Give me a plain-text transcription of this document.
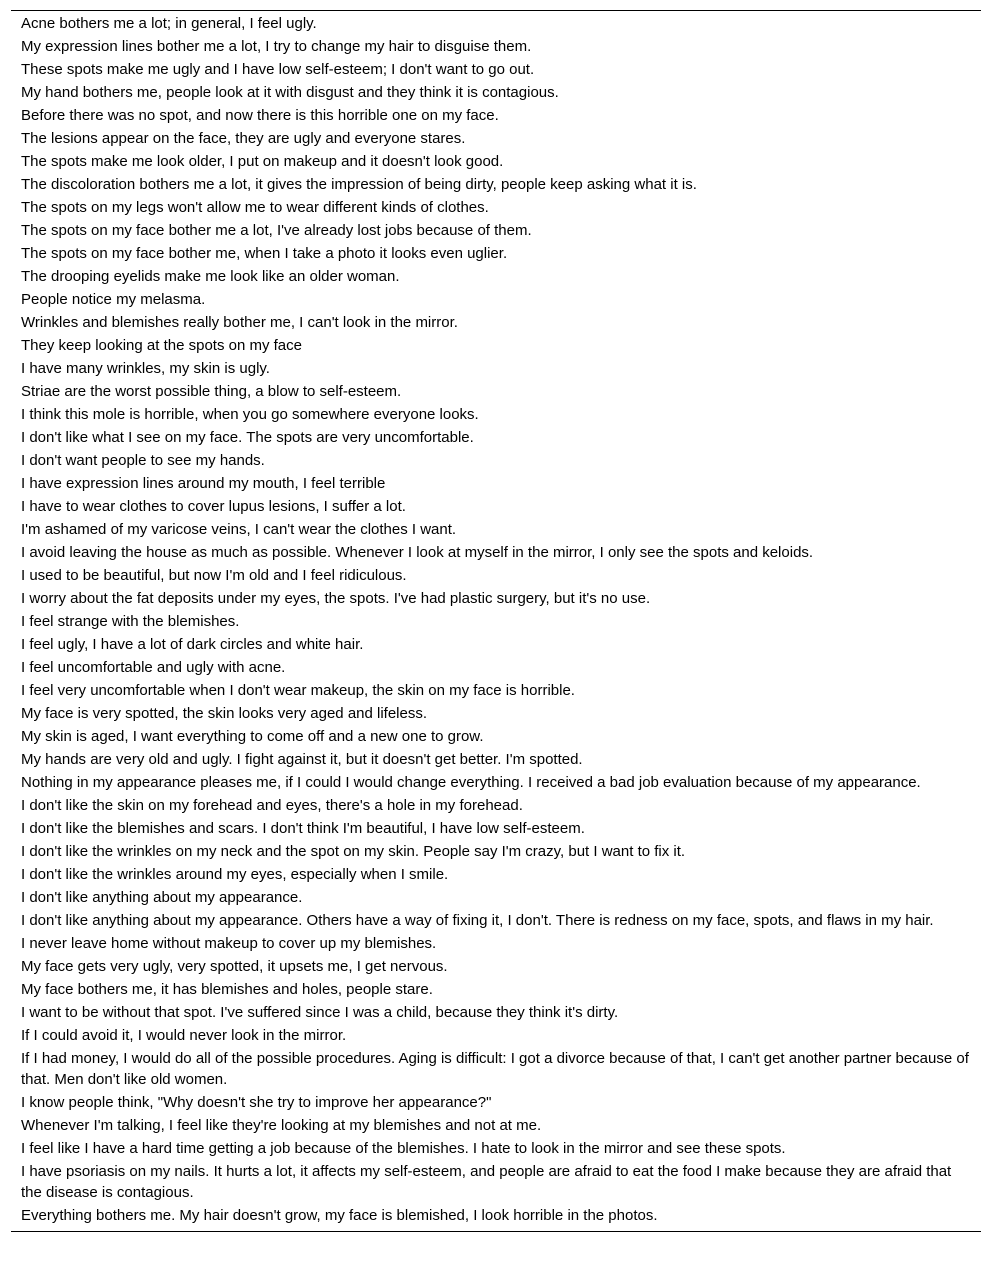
Acne bothers me a lot; in general, I feel ugly.
My expression lines bother me a lot, I try to change my hair to disguise them.
These spots make me ugly and I have low self-esteem; I don't want to go out.
My hand bothers me, people look at it with disgust and they think it is contagious.
Before there was no spot, and now there is this horrible one on my face.
The lesions appear on the face, they are ugly and everyone stares.
The spots make me look older, I put on makeup and it doesn't look good.
The discoloration bothers me a lot, it gives the impression of being dirty, people keep asking what it is.
The spots on my legs won't allow me to wear different kinds of clothes.
The spots on my face bother me a lot, I've already lost jobs because of them.
The spots on my face bother me, when I take a photo it looks even uglier.
The drooping eyelids make me look like an older woman.
People notice my melasma.
Wrinkles and blemishes really bother me, I can't look in the mirror.
They keep looking at the spots on my face
I have many wrinkles, my skin is ugly.
Striae are the worst possible thing, a blow to self-esteem.
I think this mole is horrible, when you go somewhere everyone looks.
I don't like what I see on my face. The spots are very uncomfortable.
I don't want people to see my hands.
I have expression lines around my mouth, I feel terrible
I have to wear clothes to cover lupus lesions, I suffer a lot.
I'm ashamed of my varicose veins, I can't wear the clothes I want.
I avoid leaving the house as much as possible. Whenever I look at myself in the mirror, I only see the spots and keloids.
I used to be beautiful, but now I'm old and I feel ridiculous.
I worry about the fat deposits under my eyes, the spots. I've had plastic surgery, but it's no use.
I feel strange with the blemishes.
I feel ugly, I have a lot of dark circles and white hair.
I feel uncomfortable and ugly with acne.
I feel very uncomfortable when I don't wear makeup, the skin on my face is horrible.
My face is very spotted, the skin looks very aged and lifeless.
My skin is aged, I want everything to come off and a new one to grow.
My hands are very old and ugly. I fight against it, but it doesn't get better. I'm spotted.
Nothing in my appearance pleases me, if I could I would change everything. I received a bad job evaluation because of my appearance.
I don't like the skin on my forehead and eyes, there's a hole in my forehead.
I don't like the blemishes and scars. I don't think I'm beautiful, I have low self-esteem.
I don't like the wrinkles on my neck and the spot on my skin. People say I'm crazy, but I want to fix it.
I don't like the wrinkles around my eyes, especially when I smile.
I don't like anything about my appearance.
I don't like anything about my appearance. Others have a way of fixing it, I don't. There is redness on my face, spots, and flaws in my hair.
I never leave home without makeup to cover up my blemishes.
My face gets very ugly, very spotted, it upsets me, I get nervous.
My face bothers me, it has blemishes and holes, people stare.
I want to be without that spot. I've suffered since I was a child, because they think it's dirty.
If I could avoid it, I would never look in the mirror.
If I had money, I would do all of the possible procedures. Aging is difficult: I got a divorce because of that, I can't get another partner because of that. Men don't like old women.
I know people think, "Why doesn't she try to improve her appearance?"
Whenever I'm talking, I feel like they're looking at my blemishes and not at me.
I feel like I have a hard time getting a job because of the blemishes. I hate to look in the mirror and see these spots.
I have psoriasis on my nails. It hurts a lot, it affects my self-esteem, and people are afraid to eat the food I make because they are afraid that the disease is contagious.
Everything bothers me. My hair doesn't grow, my face is blemished, I look horrible in the photos.
